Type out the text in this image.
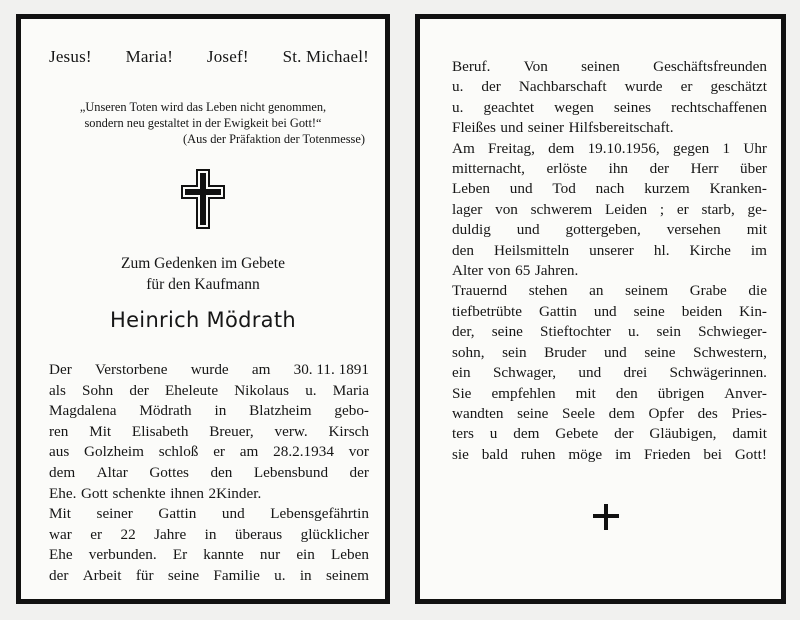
Jesus! Maria! Josef! St. Michael!
„Unseren Toten wird das Leben nicht genommen,
sondern neu gestaltet in der Ewigkeit bei Gott!“
(Aus der Präfaktion der Totenmesse)
Zum Gedenken im Gebete
für den Kaufmann
Heinrich Mödrath
Der Verstorbene wurde am 30. 11. 1891
als Sohn der Eheleute Nikolaus u. Maria
Magdalena Mödrath in Blatzheim gebo-
ren Mit Elisabeth Breuer, verw. Kirsch
aus Golzheim schloß er am 28.2.1934 vor
dem Altar Gottes den Lebensbund der
Ehe. Gott schenkte ihnen 2Kinder.
Mit seiner Gattin und Lebensgefährtin
war er 22 Jahre in überaus glücklicher
Ehe verbunden. Er kannte nur ein Leben
der Arbeit für seine Familie u. in seinem
Beruf. Von seinen Geschäftsfreunden
u. der Nachbarschaft wurde er geschätzt
u. geachtet wegen seines rechtschaffenen
Fleißes und seiner Hilfsbereitschaft.
Am Freitag, dem 19.10.1956, gegen 1 Uhr
mitternacht, erlöste ihn der Herr über
Leben und Tod nach kurzem Kranken-
lager von schwerem Leiden ; er starb, ge-
duldig und gottergeben, versehen mit
den Heilsmitteln unserer hl. Kirche im
Alter von 65 Jahren.
Trauernd stehen an seinem Grabe die
tiefbetrübte Gattin und seine beiden Kin-
der, seine Stieftochter u. sein Schwieger-
sohn, sein Bruder und seine Schwestern,
ein Schwager, und drei Schwägerinnen.
Sie empfehlen mit den übrigen Anver-
wandten seine Seele dem Opfer des Pries-
ters u dem Gebete der Gläubigen, damit
sie bald ruhen möge im Frieden bei Gott!
